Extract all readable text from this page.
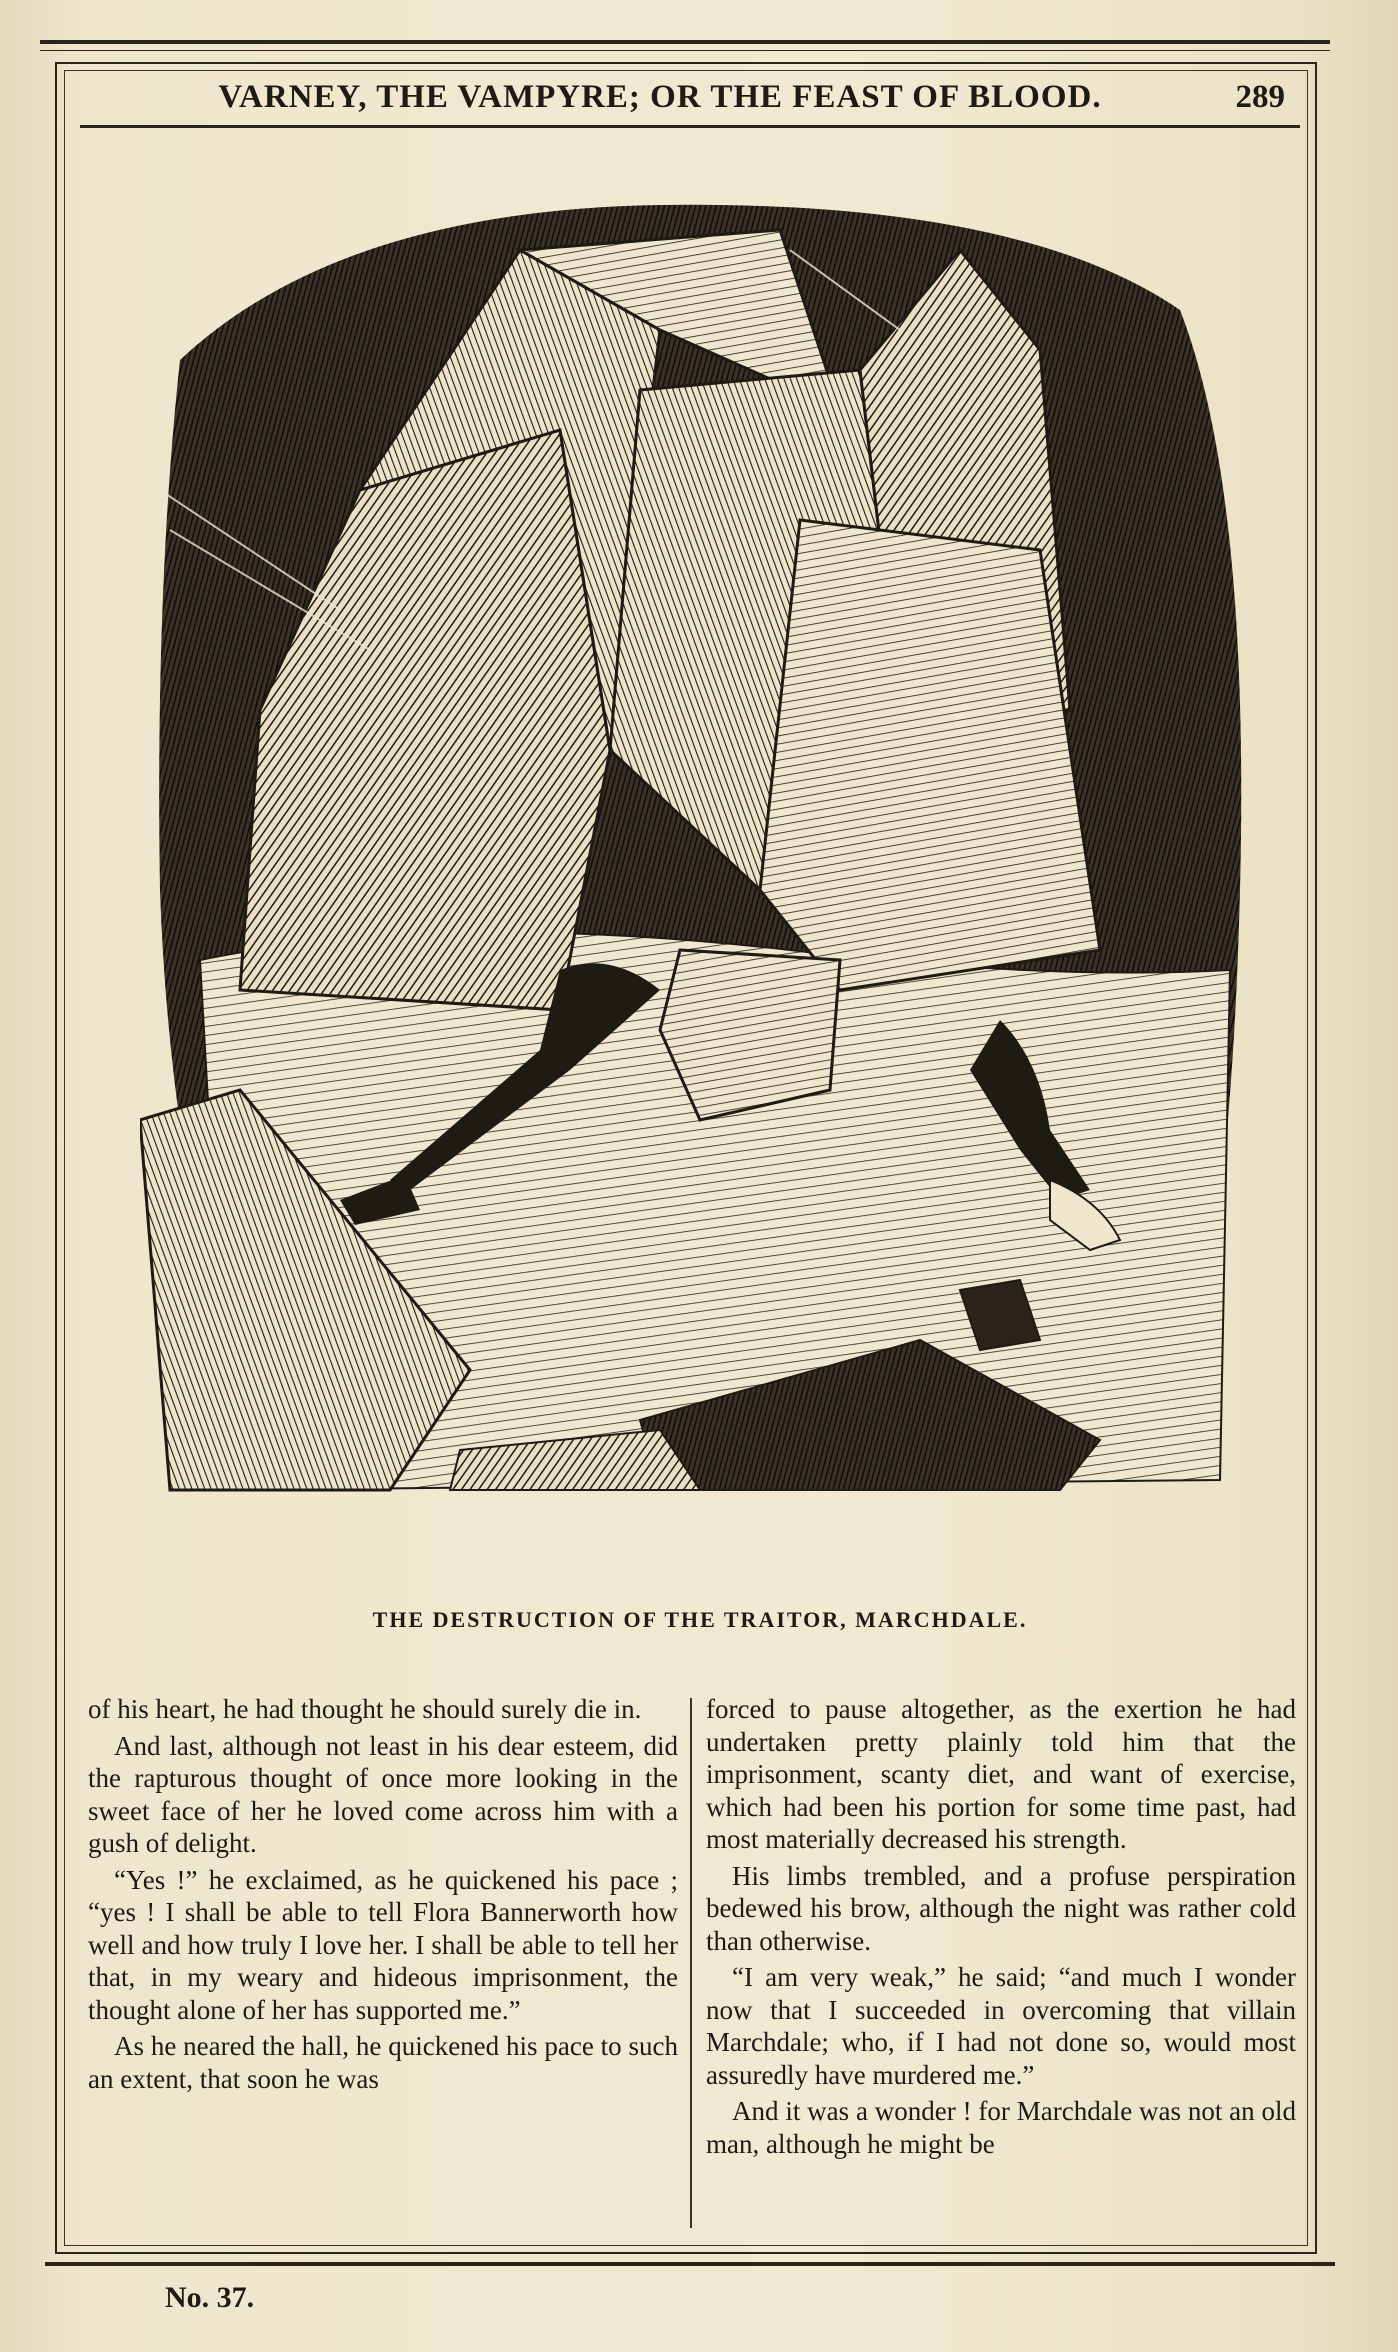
VARNEY, THE VAMPYRE; OR THE FEAST OF BLOOD.	289
THE DESTRUCTION OF THE TRAITOR, MARCHDALE.

of his heart, he had thought he should surely die in.

And last, although not least in his dear esteem, did the rapturous thought of once more looking in the sweet face of her he loved come across him with a gush of delight.

“Yes !” he exclaimed, as he quickened his pace ; “yes ! I shall be able to tell Flora Bannerworth how well and how truly I love her. I shall be able to tell her that, in my weary and hideous imprisonment, the thought alone of her has supported me.”

As he neared the hall, he quickened his pace to such an extent, that soon he was

forced to pause altogether, as the exertion he had undertaken pretty plainly told him that the imprisonment, scanty diet, and want of exercise, which had been his portion for some time past, had most materially decreased his strength.

His limbs trembled, and a profuse perspiration bedewed his brow, although the night was rather cold than otherwise.

“I am very weak,” he said; “and much I wonder now that I succeeded in overcoming that villain Marchdale; who, if I had not done so, would most assuredly have murdered me.”

And it was a wonder ! for Marchdale was not an old man, although he might be

No. 37.
